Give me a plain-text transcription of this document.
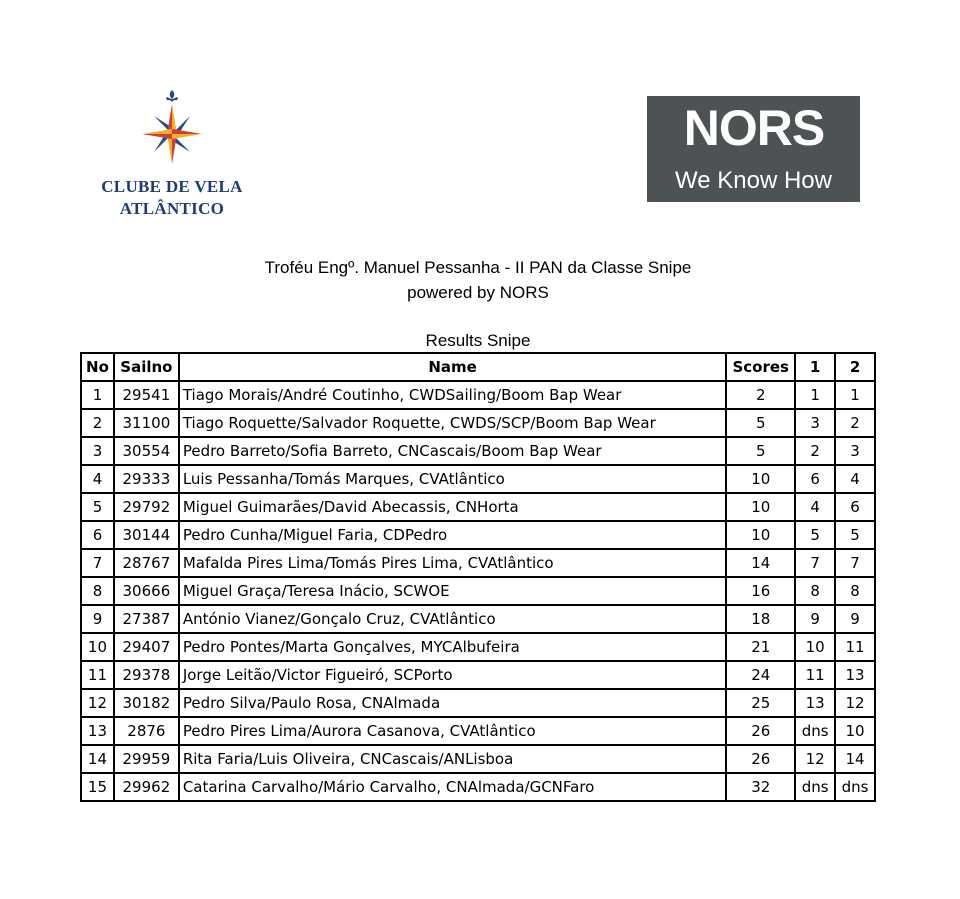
CLUBE DE VELA
ATLÂNTICO
NORS
We Know How
Troféu Engº. Manuel Pessanha - II PAN da Classe Snipe
powered by NORS
Results Snipe
No	Sailno	Name	Scores	1	2
1	29541	Tiago Morais/André Coutinho, CWDSailing/Boom Bap Wear	2	1	1
2	31100	Tiago Roquette/Salvador Roquette, CWDS/SCP/Boom Bap Wear	5	3	2
3	30554	Pedro Barreto/Sofia Barreto, CNCascais/Boom Bap Wear	5	2	3
4	29333	Luis Pessanha/Tomás Marques, CVAtlântico	10	6	4
5	29792	Miguel Guimarães/David Abecassis, CNHorta	10	4	6
6	30144	Pedro Cunha/Miguel Faria, CDPedro	10	5	5
7	28767	Mafalda Pires Lima/Tomás Pires Lima, CVAtlântico	14	7	7
8	30666	Miguel Graça/Teresa Inácio, SCWOE	16	8	8
9	27387	António Vianez/Gonçalo Cruz, CVAtlântico	18	9	9
10	29407	Pedro Pontes/Marta Gonçalves, MYCAlbufeira	21	10	11
11	29378	Jorge Leitão/Victor Figueiró, SCPorto	24	11	13
12	30182	Pedro Silva/Paulo Rosa, CNAlmada	25	13	12
13	2876	Pedro Pires Lima/Aurora Casanova, CVAtlântico	26	dns	10
14	29959	Rita Faria/Luis Oliveira, CNCascais/ANLisboa	26	12	14
15	29962	Catarina Carvalho/Mário Carvalho, CNAlmada/GCNFaro	32	dns	dns
